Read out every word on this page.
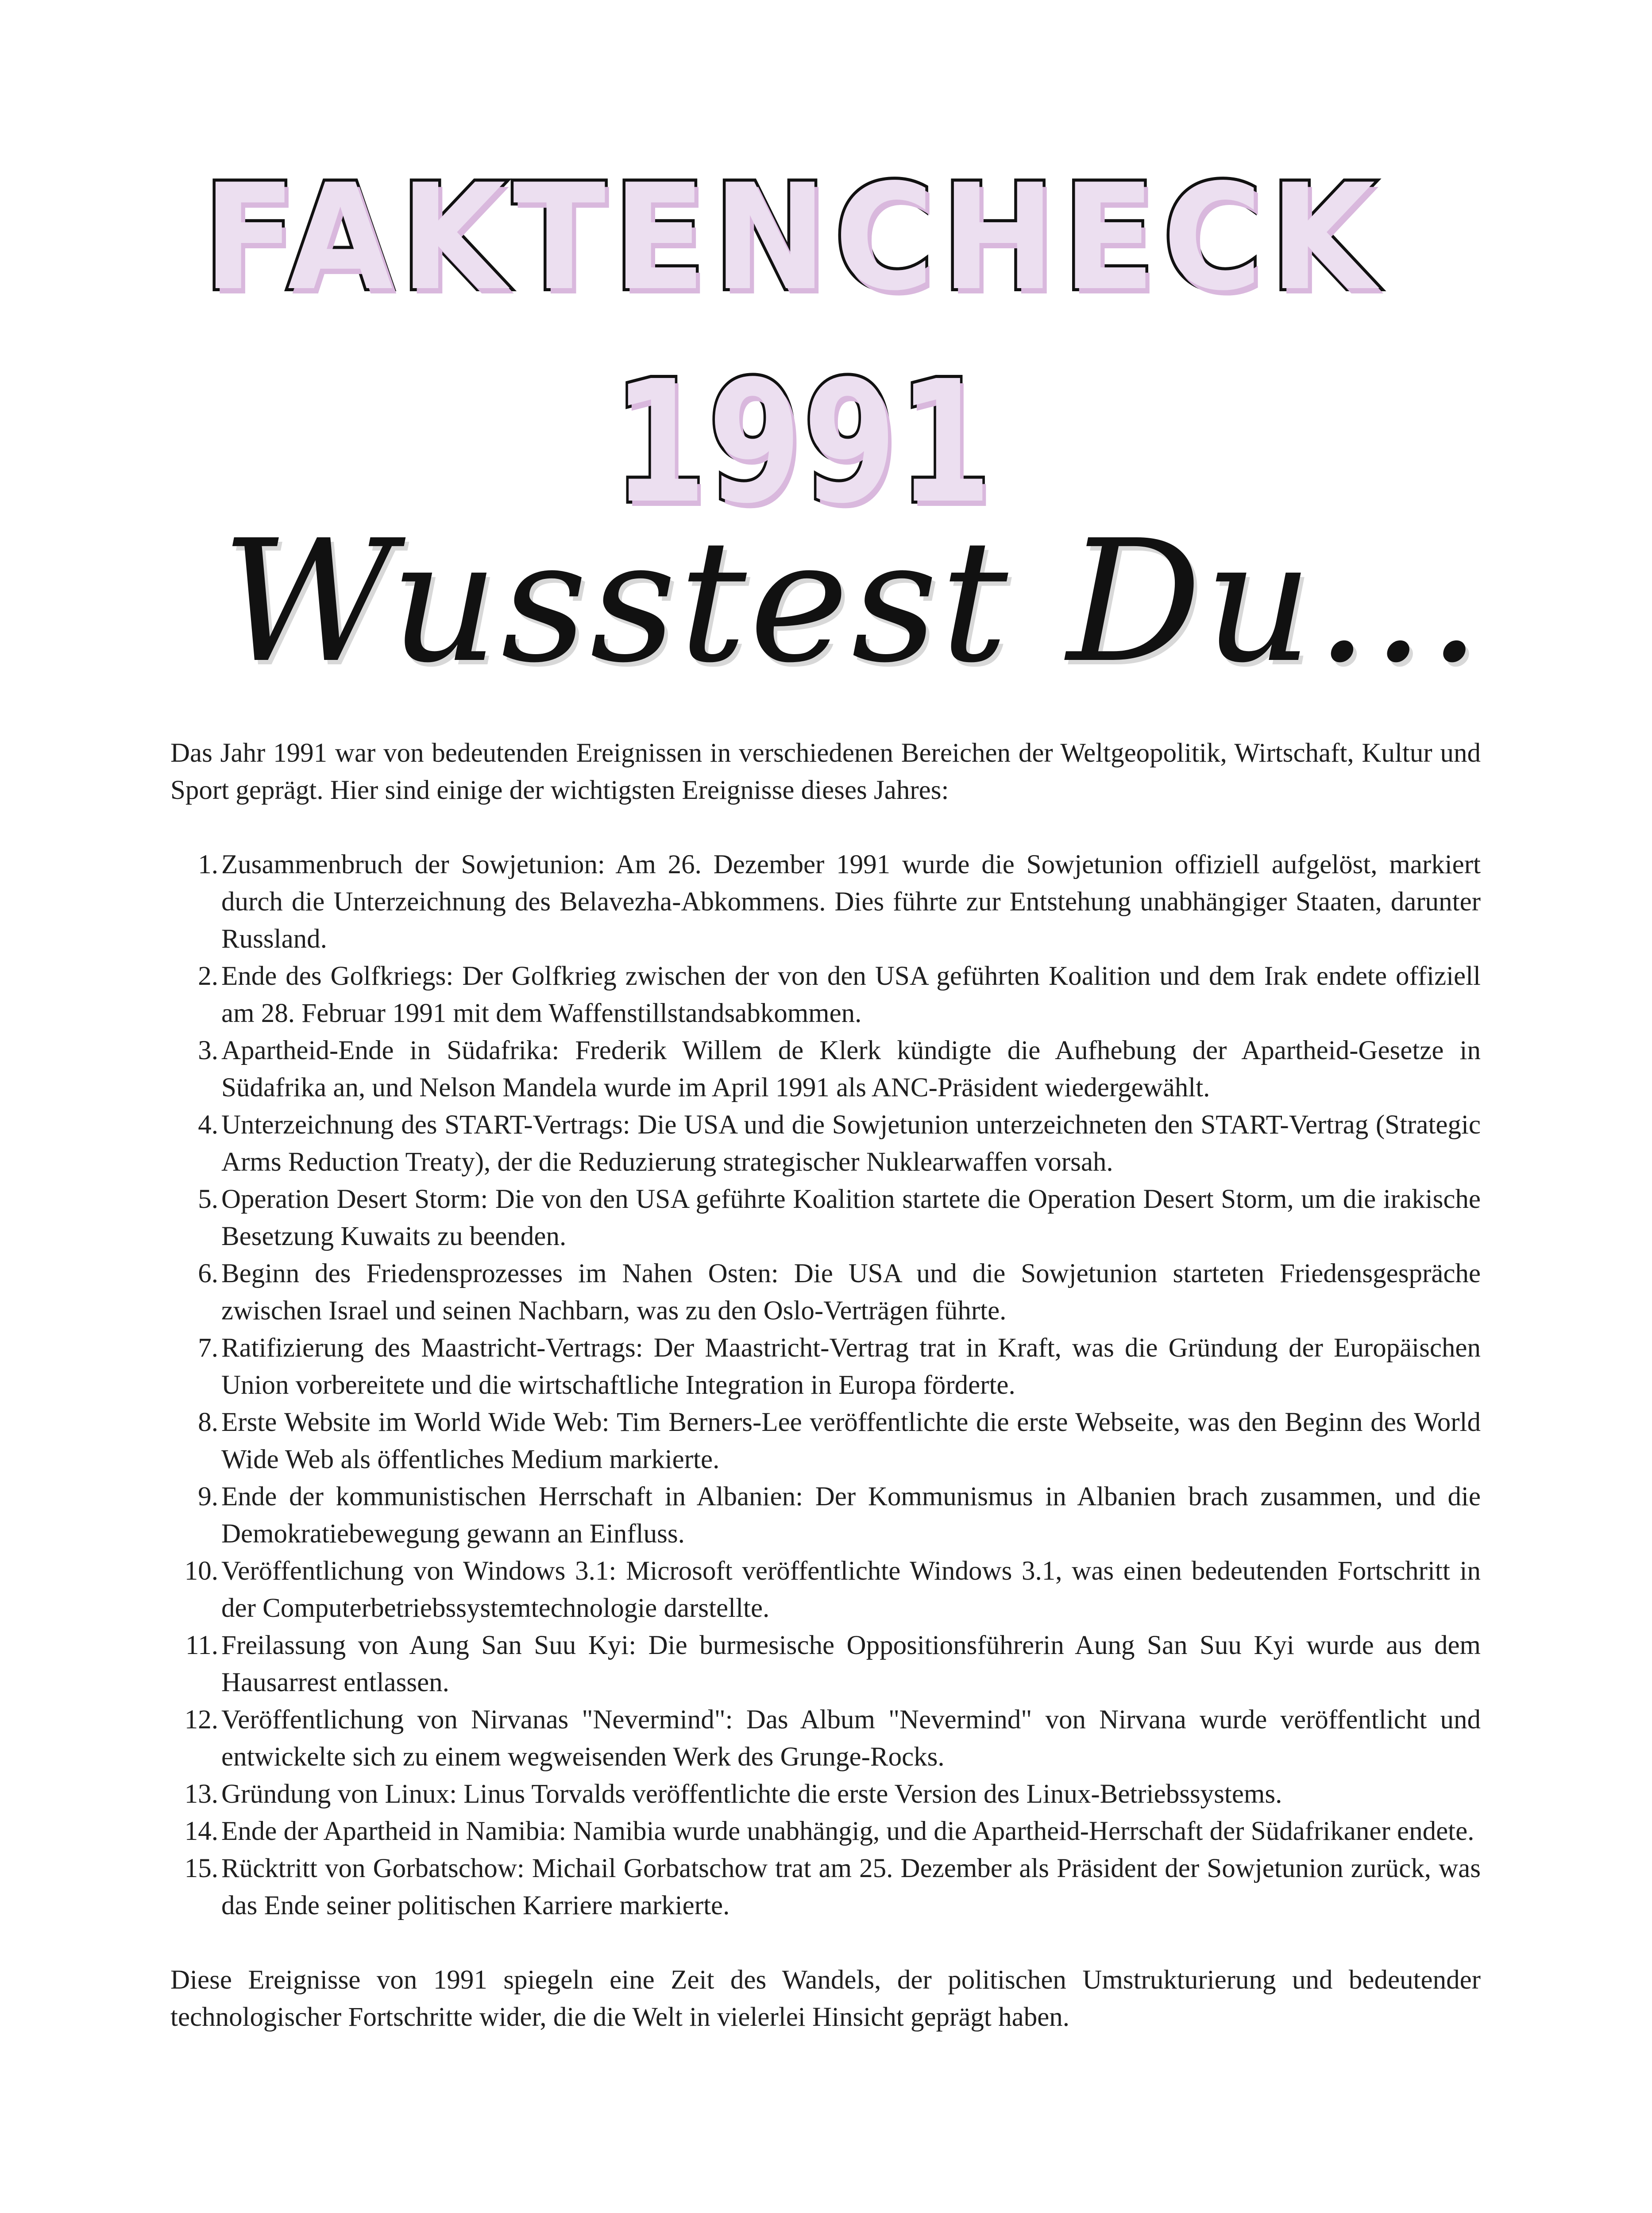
FAKTENCHECK
1991
Wusstest Du...

Das Jahr 1991 war von bedeutenden Ereignissen in verschiedenen Bereichen der Weltgeopolitik, Wirtschaft, Kultur und Sport geprägt. Hier sind einige der wichtigsten Ereignisse dieses Jahres:

1. Zusammenbruch der Sowjetunion: Am 26. Dezember 1991 wurde die Sowjetunion offiziell aufgelöst, markiert durch die Unterzeichnung des Belavezha-Abkommens. Dies führte zur Entstehung unabhängiger Staaten, darunter Russland.
2. Ende des Golfkriegs: Der Golfkrieg zwischen der von den USA geführten Koalition und dem Irak endete offiziell am 28. Februar 1991 mit dem Waffenstillstandsabkommen.
3. Apartheid-Ende in Südafrika: Frederik Willem de Klerk kündigte die Aufhebung der Apartheid-Gesetze in Südafrika an, und Nelson Mandela wurde im April 1991 als ANC-Präsident wiedergewählt.
4. Unterzeichnung des START-Vertrags: Die USA und die Sowjetunion unterzeichneten den START-Vertrag (Strategic Arms Reduction Treaty), der die Reduzierung strategischer Nuklearwaffen vorsah.
5. Operation Desert Storm: Die von den USA geführte Koalition startete die Operation Desert Storm, um die irakische Besetzung Kuwaits zu beenden.
6. Beginn des Friedensprozesses im Nahen Osten: Die USA und die Sowjetunion starteten Friedensgespräche zwischen Israel und seinen Nachbarn, was zu den Oslo-Verträgen führte.
7. Ratifizierung des Maastricht-Vertrags: Der Maastricht-Vertrag trat in Kraft, was die Gründung der Europäischen Union vorbereitete und die wirtschaftliche Integration in Europa förderte.
8. Erste Website im World Wide Web: Tim Berners-Lee veröffentlichte die erste Webseite, was den Beginn des World Wide Web als öffentliches Medium markierte.
9. Ende der kommunistischen Herrschaft in Albanien: Der Kommunismus in Albanien brach zusammen, und die Demokratiebewegung gewann an Einfluss.
10. Veröffentlichung von Windows 3.1: Microsoft veröffentlichte Windows 3.1, was einen bedeutenden Fortschritt in der Computerbetriebssystemtechnologie darstellte.
11. Freilassung von Aung San Suu Kyi: Die burmesische Oppositionsführerin Aung San Suu Kyi wurde aus dem Hausarrest entlassen.
12. Veröffentlichung von Nirvanas "Nevermind": Das Album "Nevermind" von Nirvana wurde veröffentlicht und entwickelte sich zu einem wegweisenden Werk des Grunge-Rocks.
13. Gründung von Linux: Linus Torvalds veröffentlichte die erste Version des Linux-Betriebssystems.
14. Ende der Apartheid in Namibia: Namibia wurde unabhängig, und die Apartheid-Herrschaft der Südafrikaner endete.
15. Rücktritt von Gorbatschow: Michail Gorbatschow trat am 25. Dezember als Präsident der Sowjetunion zurück, was das Ende seiner politischen Karriere markierte.

Diese Ereignisse von 1991 spiegeln eine Zeit des Wandels, der politischen Umstrukturierung und bedeutender technologischer Fortschritte wider, die die Welt in vielerlei Hinsicht geprägt haben.
